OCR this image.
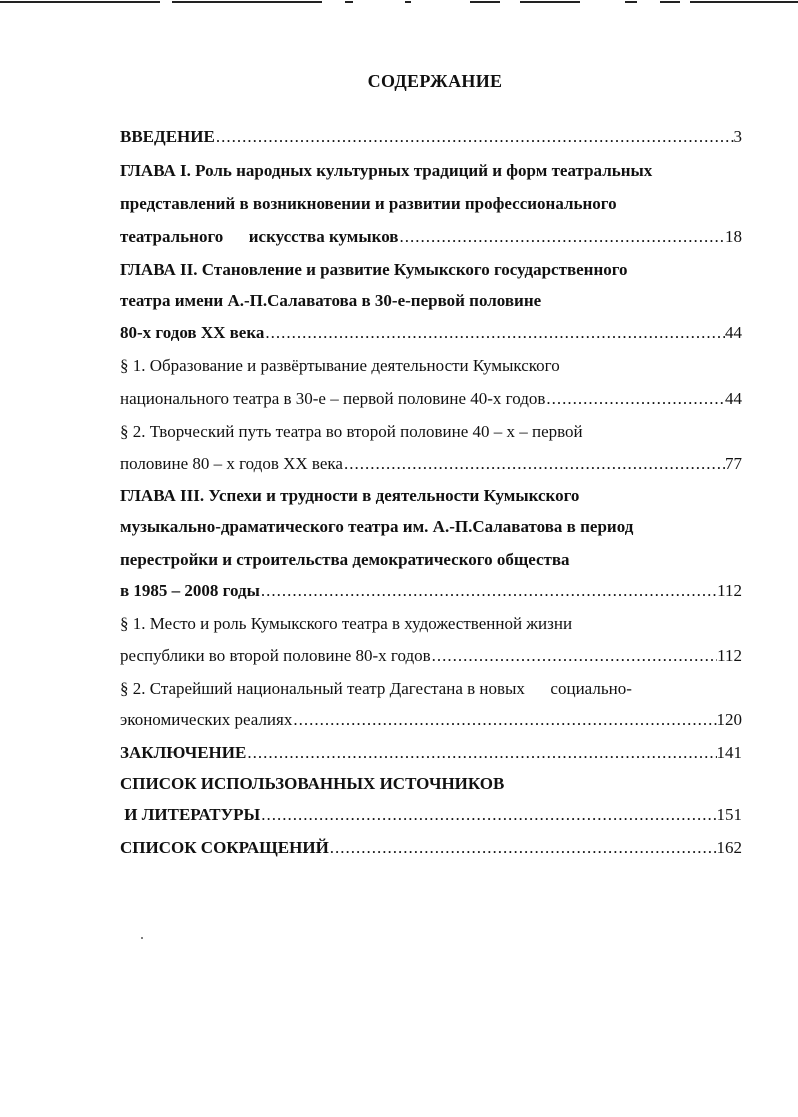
СОДЕРЖАНИЕ
ВВЕДЕНИЕ .....	3
ГЛАВА I. Роль народных культурных традиций и форм театральных
представлений в возникновении и развитии профессионального
театрального      искусства кумыков .....	18
ГЛАВА II. Становление и развитие Кумыкского государственного
театра имени А.-П.Салаватова в 30-е-первой половине
80-х годов ХХ века .....	44
§ 1. Образование и развёртывание деятельности Кумыкского
национального театра в 30-е – первой половине 40-х годов .....	44
§ 2. Творческий путь театра во второй половине 40 – х – первой
половине 80 – х годов ХХ века .....	77
ГЛАВА III. Успехи и трудности в деятельности Кумыкского
музыкально-драматического театра им. А.-П.Салаватова в период
перестройки и строительства демократического общества
в 1985 – 2008 годы .....	112
§ 1. Место и роль Кумыкского театра в художественной жизни
республики во второй половине 80-х годов .....	112
§ 2. Старейший национальный театр Дагестана в новых      социально-
экономических реалиях .....	120
ЗАКЛЮЧЕНИЕ .....	141
СПИСОК ИСПОЛЬЗОВАННЫХ ИСТОЧНИКОВ
И ЛИТЕРАТУРЫ .....	151
СПИСОК СОКРАЩЕНИЙ .....	162
